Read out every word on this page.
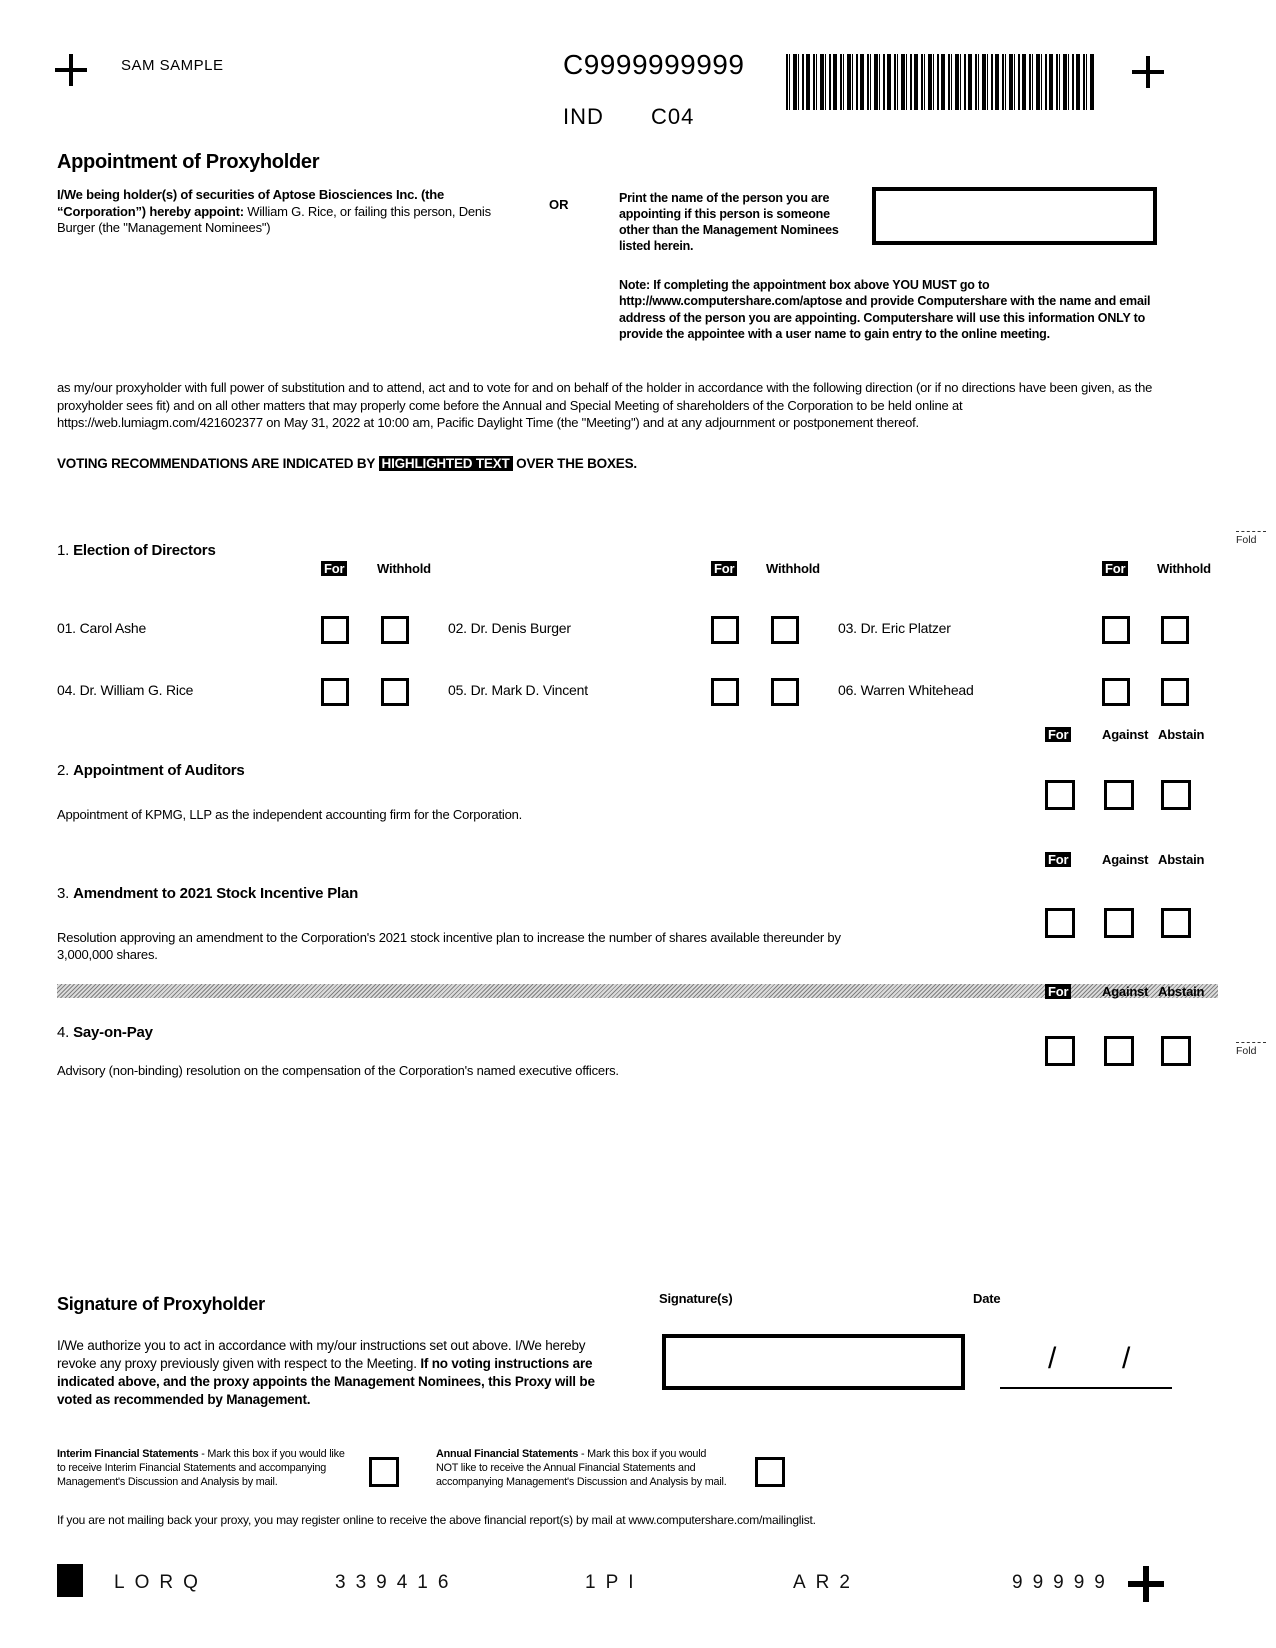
SAM SAMPLE	C9999999999
IND C04
Appointment of Proxyholder
I/We being holder(s) of securities of Aptose Biosciences Inc. (the “Corporation”) hereby appoint: William G. Rice, or failing this person, Denis Burger (the "Management Nominees")
OR	Print the name of the person you are appointing if this person is someone other than the Management Nominees listed herein.
Note: If completing the appointment box above YOU MUST go to http://www.computershare.com/aptose and provide Computershare with the name and email address of the person you are appointing. Computershare will use this information ONLY to provide the appointee with a user name to gain entry to the online meeting.
as my/our proxyholder with full power of substitution and to attend, act and to vote for and on behalf of the holder in accordance with the following direction (or if no directions have been given, as the proxyholder sees fit) and on all other matters that may properly come before the Annual and Special Meeting of shareholders of the Corporation to be held online at https://web.lumiagm.com/421602377 on May 31, 2022 at 10:00 am, Pacific Daylight Time (the "Meeting") and at any adjournment or postponement thereof.
VOTING RECOMMENDATIONS ARE INDICATED BY HIGHLIGHTED TEXT OVER THE BOXES.
Fold
Fold
1. Election of Directors
For	Withhold	For Withhold	For Withhold
01. Carol Ashe	02. Dr. Denis Burger	03. Dr. Eric Platzer
04. Dr. William G. Rice	05. Dr. Mark D. Vincent	06. Warren Whitehead
For	Against Abstain
2. Appointment of Auditors
Appointment of KPMG, LLP as the independent accounting firm for the Corporation.
For	Against Abstain
3. Amendment to 2021 Stock Incentive Plan
Resolution approving an amendment to the Corporation's 2021 stock incentive plan to increase the number of shares available thereunder by 3,000,000 shares.
For	Against Abstain
4. Say-on-Pay
Advisory (non-binding) resolution on the compensation of the Corporation's named executive officers.
Signature of Proxyholder	Signature(s)	Date
I/We authorize you to act in accordance with my/our instructions set out above. I/We hereby revoke any proxy previously given with respect to the Meeting. If no voting instructions are indicated above, and the proxy appoints the Management Nominees, this Proxy will be voted as recommended by Management.
/ /
Interim Financial Statements - Mark this box if you would like to receive Interim Financial Statements and accompanying Management's Discussion and Analysis by mail.
Annual Financial Statements - Mark this box if you would NOT like to receive the Annual Financial Statements and accompanying Management's Discussion and Analysis by mail.
If you are not mailing back your proxy, you may register online to receive the above financial report(s) by mail at www.computershare.com/mailinglist.
LORQ	339416	1PI	AR2	99999
